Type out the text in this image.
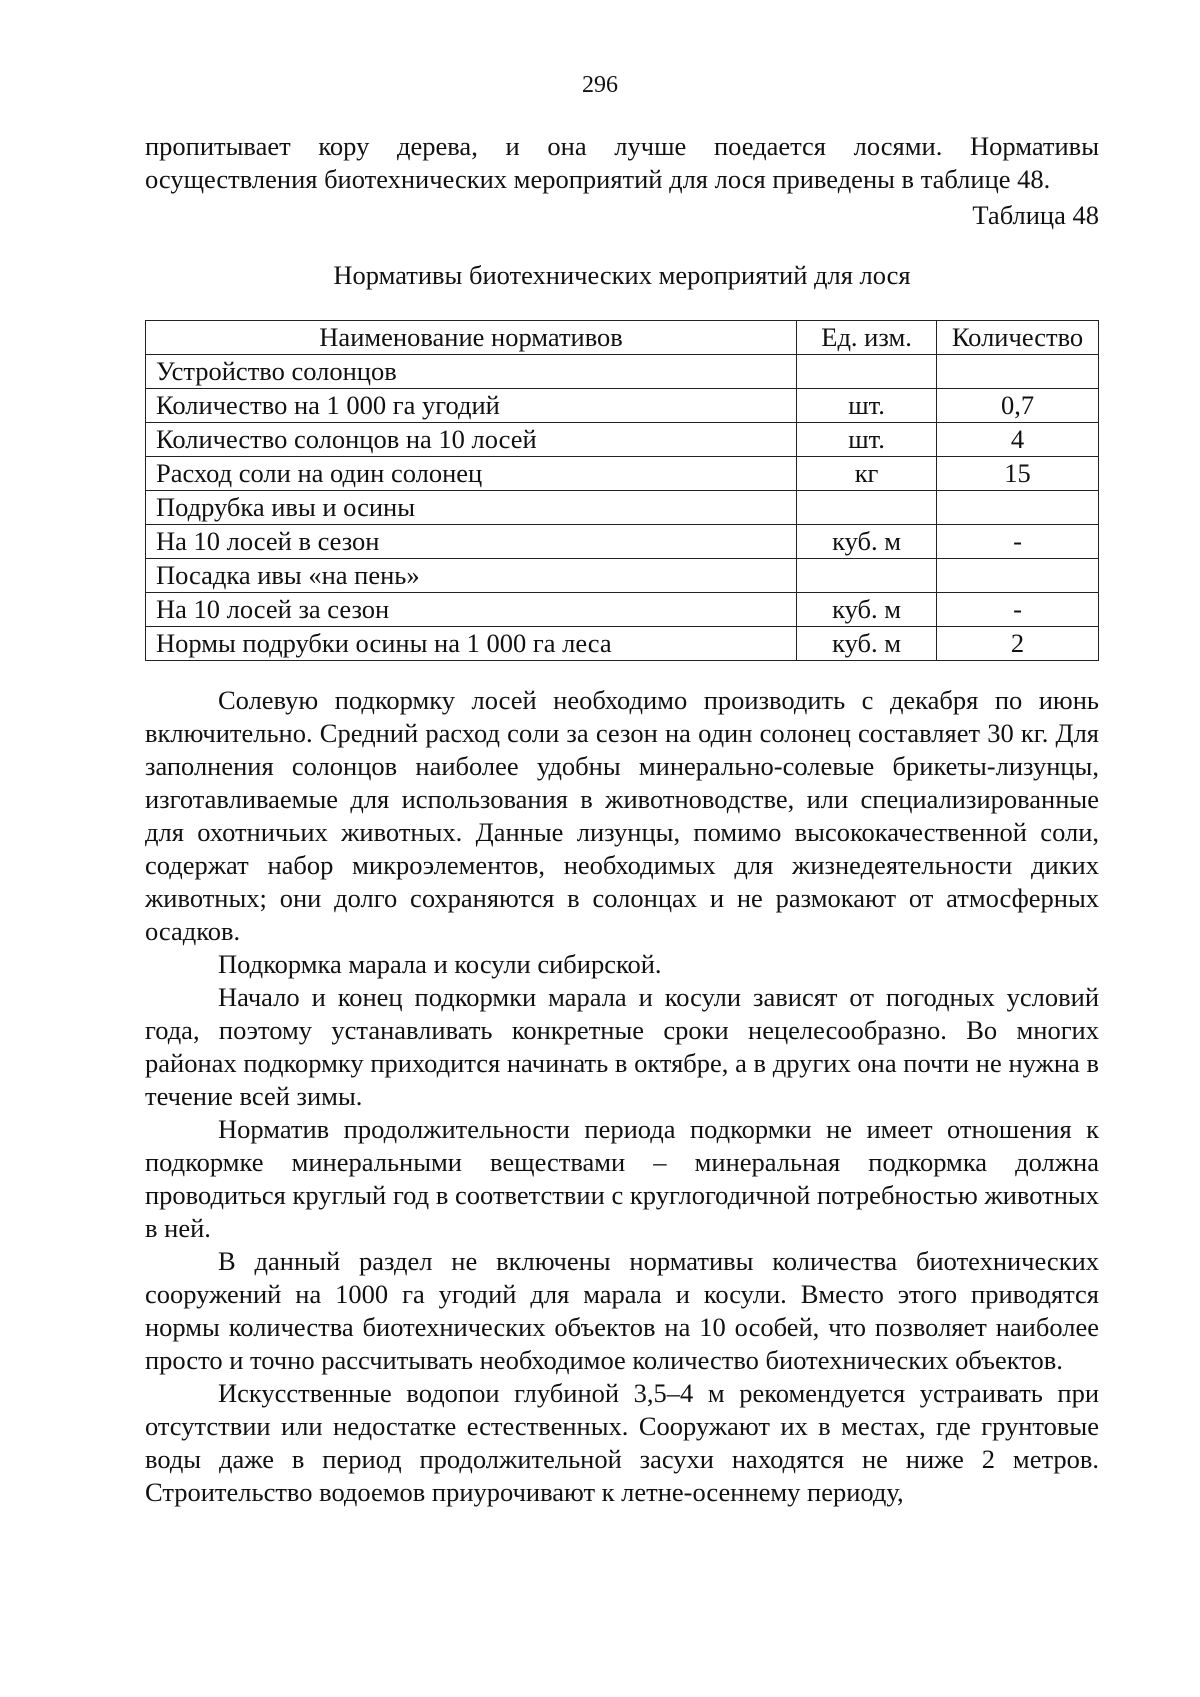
296

пропитывает кору дерева, и она лучше поедается лосями. Нормативы осуществления биотехнических мероприятий для лося приведены в таблице 48.

Таблица 48

Нормативы биотехнических мероприятий для лося

Наименование нормативов	Ед. изм.	Количество
Устройство солонцов		
Количество на 1 000 га угодий	шт.	0,7
Количество солонцов на 10 лосей	шт.	4
Расход соли на один солонец	кг	15
Подрубка ивы и осины		
На 10 лосей в сезон	куб. м	-
Посадка ивы «на пень»		
На 10 лосей за сезон	куб. м	-
Нормы подрубки осины на 1 000 га леса	куб. м	2

Солевую подкормку лосей необходимо производить с декабря по июнь включительно. Средний расход соли за сезон на один солонец составляет 30 кг. Для заполнения солонцов наиболее удобны минерально-солевые брикеты-лизунцы, изготавливаемые для использования в животноводстве, или специализированные для охотничьих животных. Данные лизунцы, помимо высококачественной соли, содержат набор микроэлементов, необходимых для жизнедеятельности диких животных; они долго сохраняются в солонцах и не размокают от атмосферных осадков.

Подкормка марала и косули сибирской.

Начало и конец подкормки марала и косули зависят от погодных условий года, поэтому устанавливать конкретные сроки нецелесообразно. Во многих районах подкормку приходится начинать в октябре, а в других она почти не нужна в течение всей зимы.

Норматив продолжительности периода подкормки не имеет отношения к подкормке минеральными веществами – минеральная подкормка должна проводиться круглый год в соответствии с круглогодичной потребностью животных в ней.

В данный раздел не включены нормативы количества биотехнических сооружений на 1000 га угодий для марала и косули. Вместо этого приводятся нормы количества биотехнических объектов на 10 особей, что позволяет наиболее просто и точно рассчитывать необходимое количество биотехнических объектов.

Искусственные водопои глубиной 3,5–4 м рекомендуется устраивать при отсутствии или недостатке естественных. Сооружают их в местах, где грунтовые воды даже в период продолжительной засухи находятся не ниже 2 метров. Строительство водоемов приурочивают к летне-осеннему периоду,
